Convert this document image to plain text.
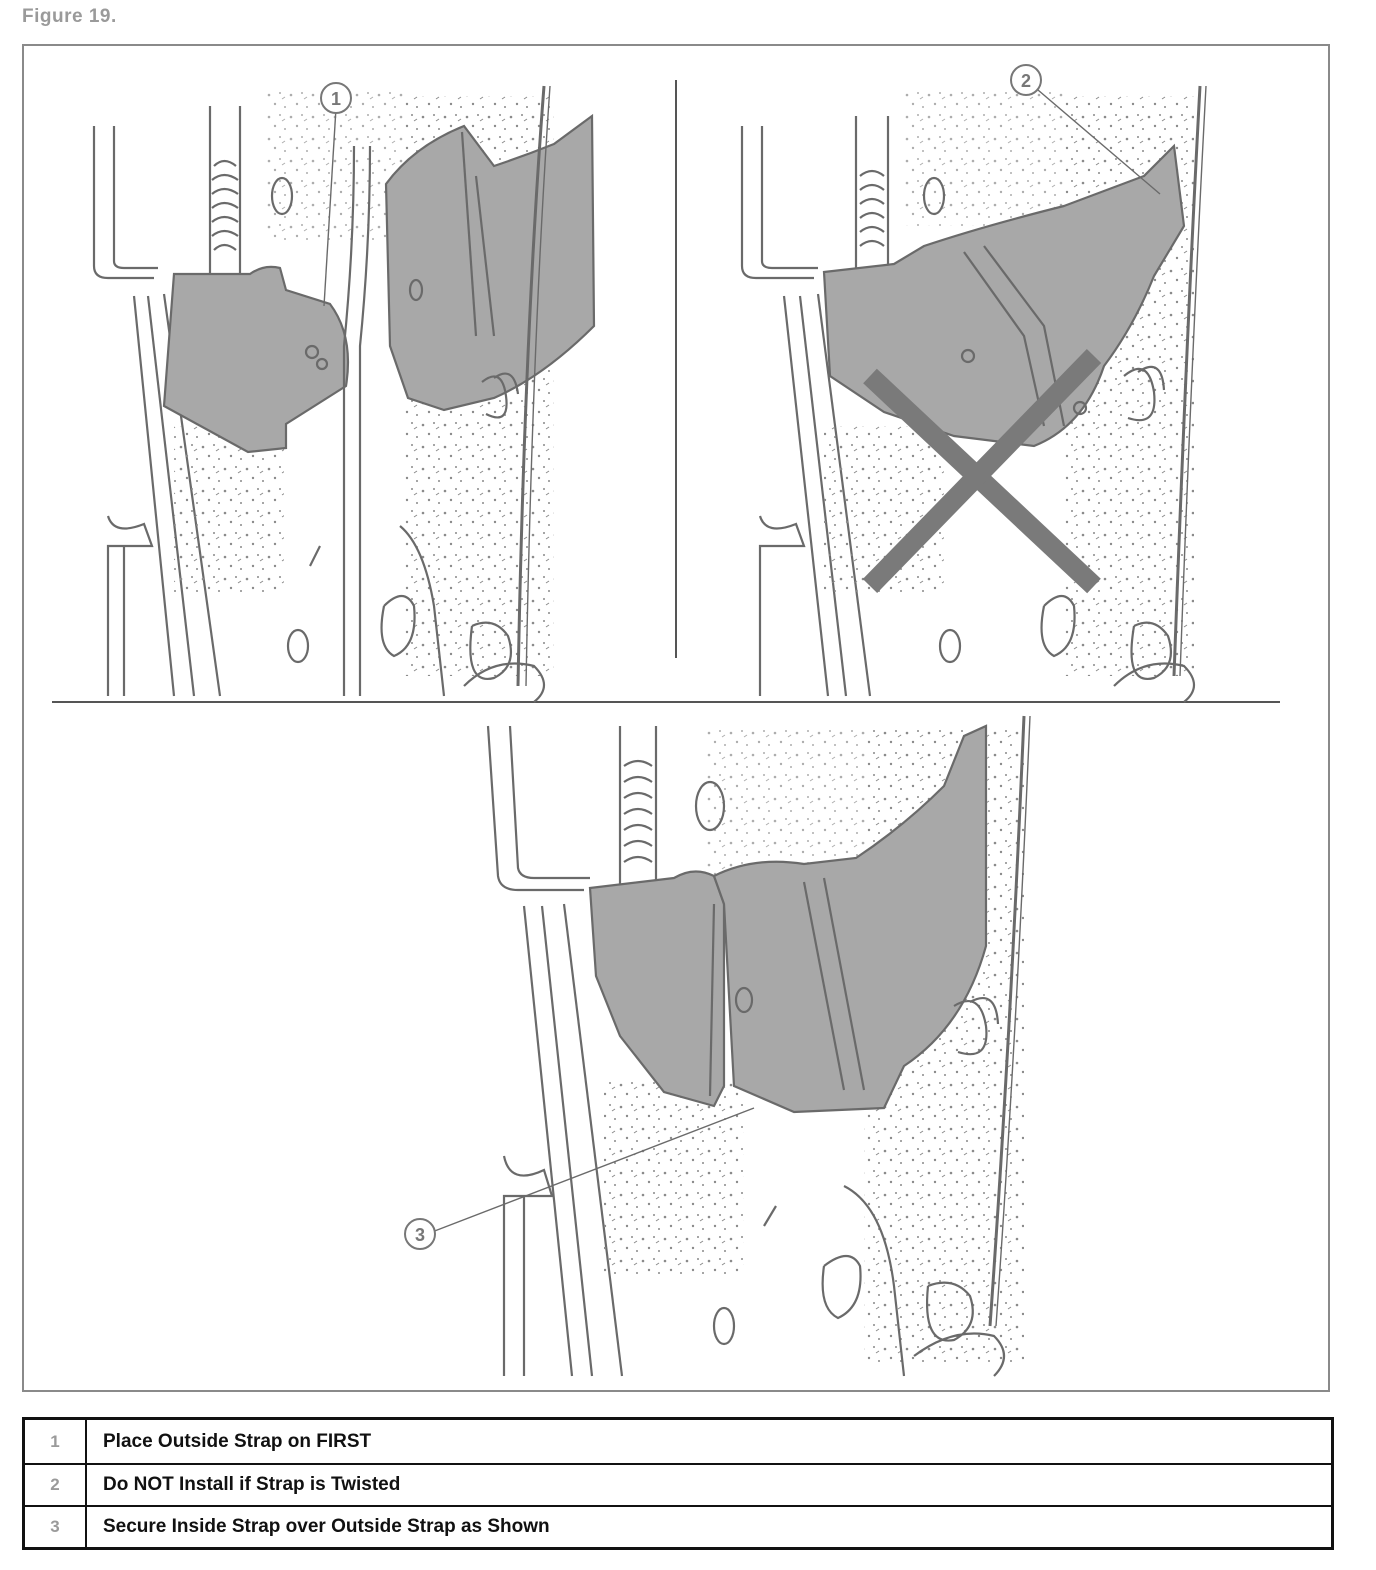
Figure 19.
1
2
3
1	Place Outside Strap on FIRST
2	Do NOT Install if Strap is Twisted
3	Secure Inside Strap over Outside Strap as Shown
